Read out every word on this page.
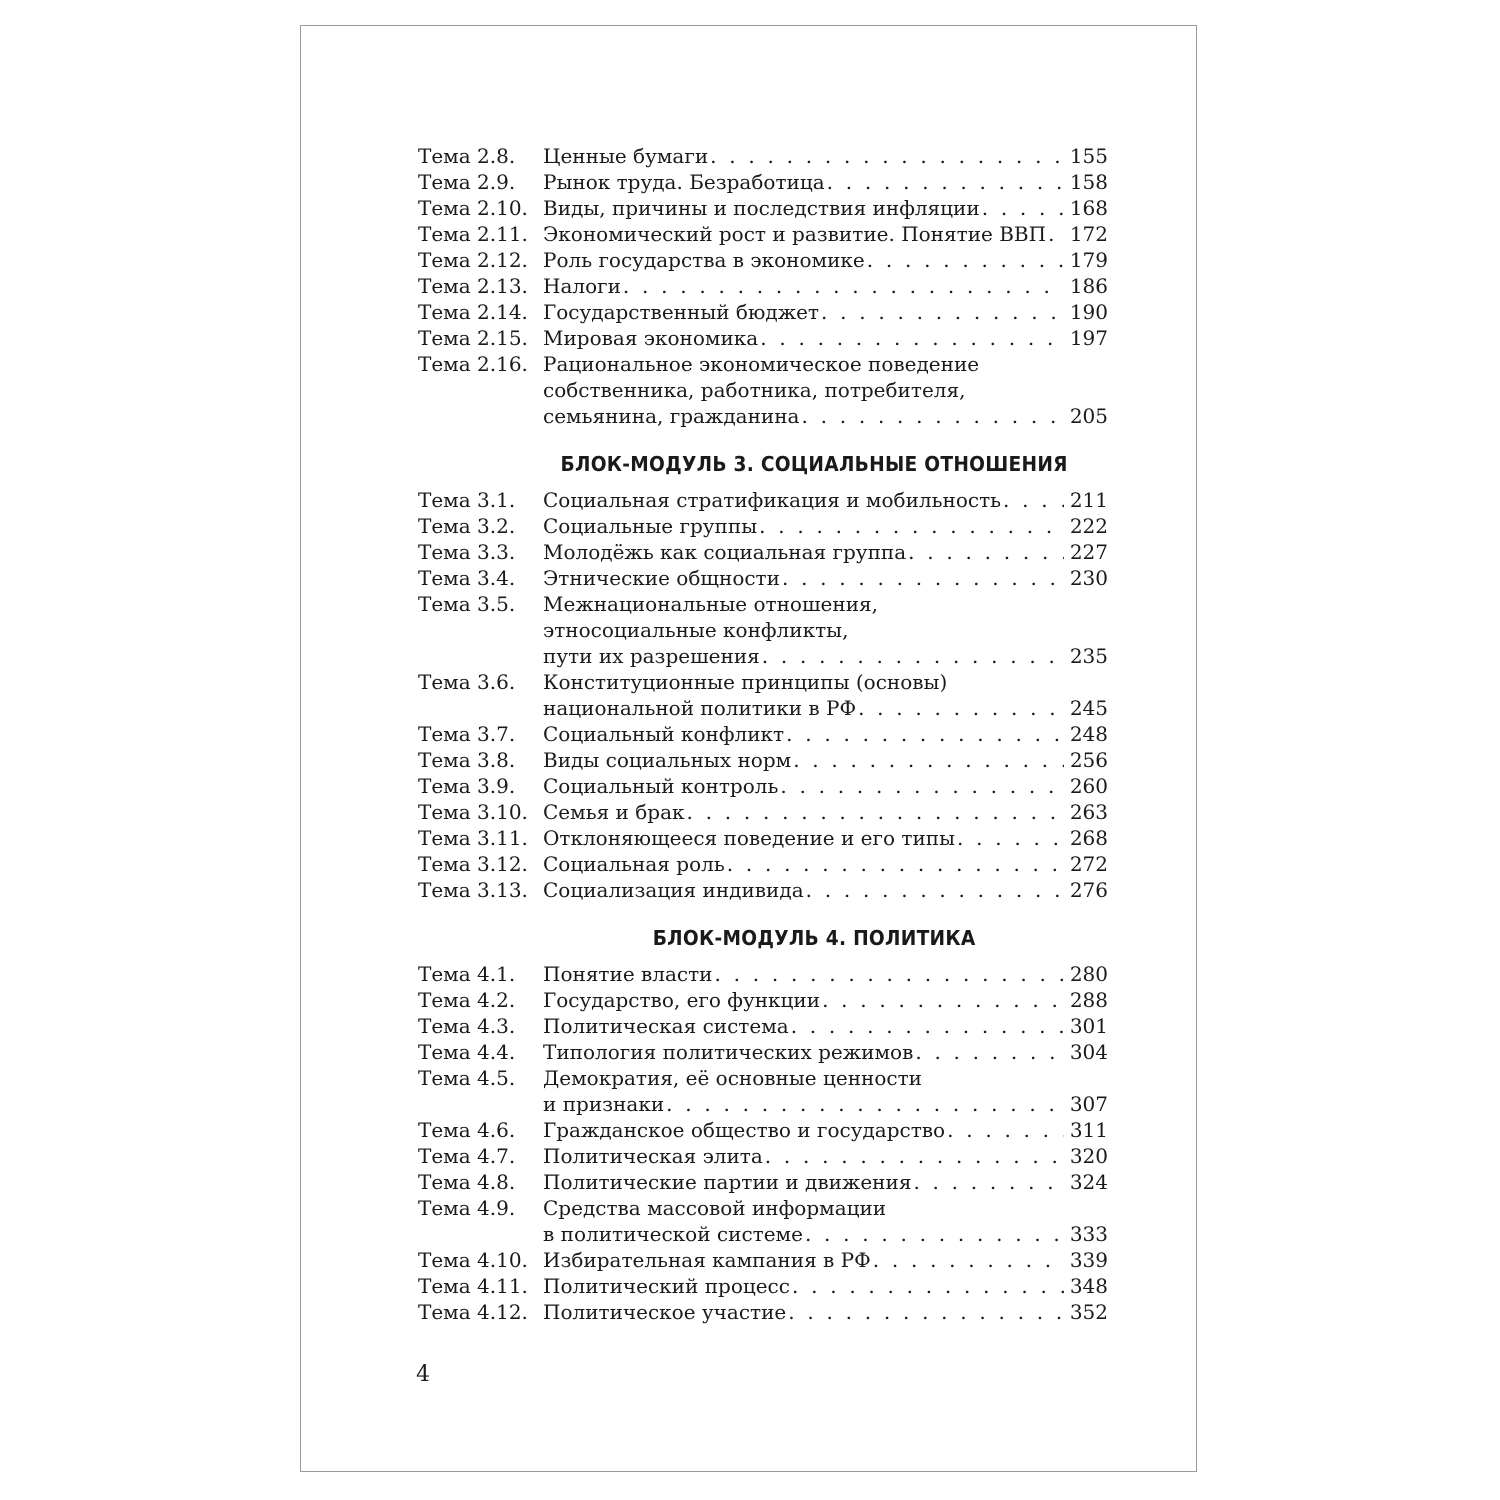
Тема 2.8.	Ценные бумаги . . .	155
Тема 2.9.	Рынок труда. Безработица . . .	158
Тема 2.10. Виды, причины и последствия инфляции . . .	168
Тема 2.11. Экономический рост и развитие. Понятие ВВП . . . 172
Тема 2.12. Роль государства в экономике . . .	179
Тема 2.13. Налоги . . .	186
Тема 2.14. Государственный бюджет . . .	190
Тема 2.15. Мировая экономика . . .	197
Тема 2.16. Рациональное экономическое поведение
собственника, работника, потребителя,
семьянина, гражданина . . .	205
БЛОК-МОДУЛЬ 3. СОЦИАЛЬНЫЕ ОТНОШЕНИЯ
Тема 3.1.	Социальная стратификация и мобильность . . .	211
Тема 3.2.	Социальные группы . . .	222
Тема 3.3.	Молодёжь как социальная группа . . .	227
Тема 3.4.	Этнические общности . . .	230
Тема 3.5.	Межнациональные отношения,
этносоциальные конфликты,
пути их разрешения . . .	235
Тема 3.6.	Конституционные принципы (основы)
национальной политики в РФ . . .	245
Тема 3.7.	Социальный конфликт . . .	248
Тема 3.8.	Виды социальных норм . . .	256
Тема 3.9.	Социальный контроль . . .	260
Тема 3.10. Семья и брак . . .	263
Тема 3.11. Отклоняющееся поведение и его типы . . .	268
Тема 3.12. Социальная роль . . .	272
Тема 3.13. Социализация индивида . . .	276
БЛОК-МОДУЛЬ 4. ПОЛИТИКА
Тема 4.1.	Понятие власти . . .	280
Тема 4.2.	Государство, его функции . . .	288
Тема 4.3.	Политическая система . . .	301
Тема 4.4.	Типология политических режимов . . .	304
Тема 4.5.	Демократия, её основные ценности
и признаки . . .	307
Тема 4.6.	Гражданское общество и государство . . .	311
Тема 4.7.	Политическая элита . . .	320
Тема 4.8.	Политические партии и движения . . .	324
Тема 4.9.	Средства массовой информации
в политической системе . . .	333
Тема 4.10. Избирательная кампания в РФ . . .	339
Тема 4.11. Политический процесс . . .	348
Тема 4.12. Политическое участие . . .	352
4
